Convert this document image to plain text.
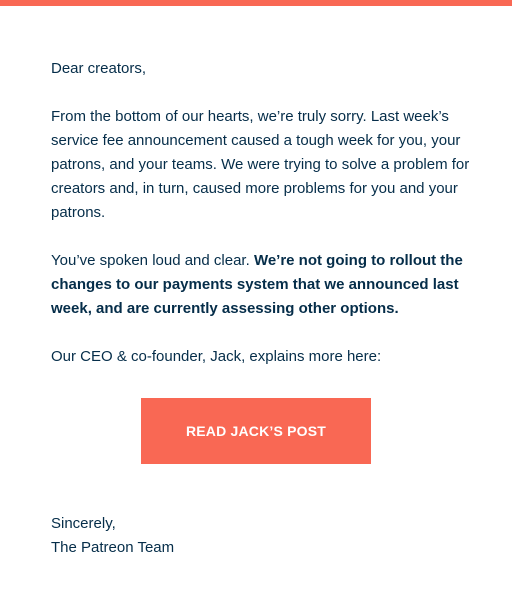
Dear creators,

From the bottom of our hearts, we’re truly sorry. Last week’s service fee announcement caused a tough week for you, your patrons, and your teams. We were trying to solve a problem for creators and, in turn, caused more problems for you and your patrons.

You’ve spoken loud and clear. We’re not going to rollout the changes to our payments system that we announced last week, and are currently assessing other options.

Our CEO & co-founder, Jack, explains more here:

READ JACK’S POST
Sincerely,
The Patreon Team
